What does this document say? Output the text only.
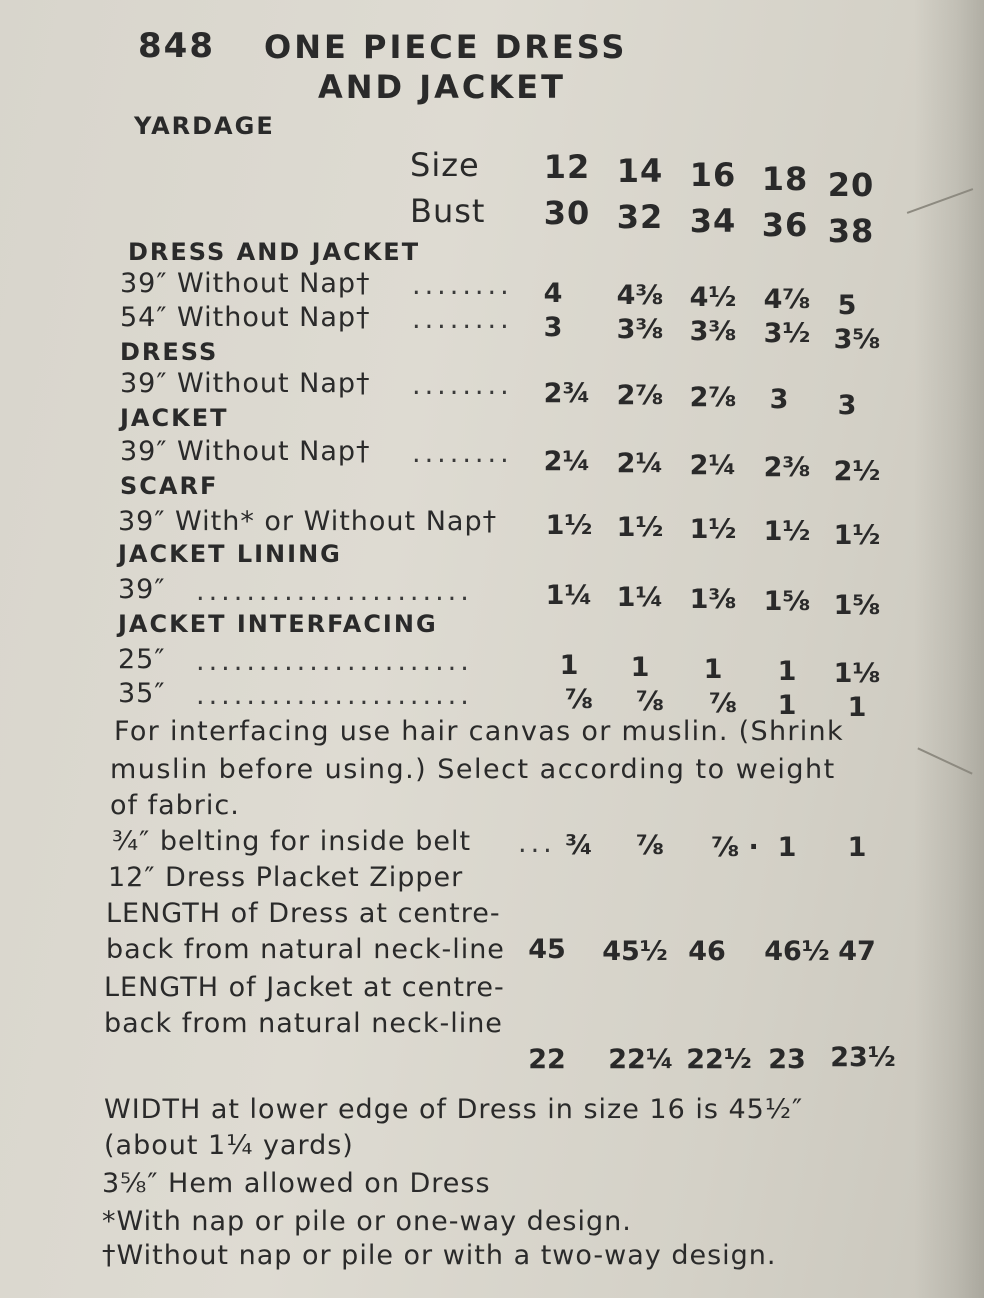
848 ONE PIECE DRESS
AND JACKET
YARDAGE
Size
Bust
12 14 16 18 20
30 32 34 36 38
DRESS AND JACKET
39″ Without Nap† ........	4	4⅜ 4½	4⅞	5
54″ Without Nap† ........	3	3⅜ 3⅜	3½ 3⅝
DRESS
39″ Without Nap† ........	2¾ 2⅞ 2⅞	3	3
JACKET
39″ Without Nap† ........	2¼ 2¼ 2¼	2⅜ 2½
SCARF
39″ With* or Without Nap†	1½ 1½ 1½	1½ 1½
JACKET LINING
39″ ......................	1¼ 1¼ 1⅜	1⅝ 1⅝
JACKET INTERFACING
25″ ......................	1	1	1	1	1⅛
35″ ......................	⅞	⅞	⅞	1	1
For interfacing use hair canvas or muslin. (Shrink
muslin before using.) Select according to weight
of fabric.
¾″ belting for inside belt ... ¾	⅞	⅞ · 1	1
12″ Dress Placket Zipper
LENGTH of Dress at centre-
back from natural neck-line 45	45½ 46	46½ 47
LENGTH of Jacket at centre-
back from natural neck-line
22	22¼ 22½ 23 23½
WIDTH at lower edge of Dress in size 16 is 45½″
(about 1¼ yards)
3⅝″ Hem allowed on Dress
*With nap or pile or one-way design.
†Without nap or pile or with a two-way design.
